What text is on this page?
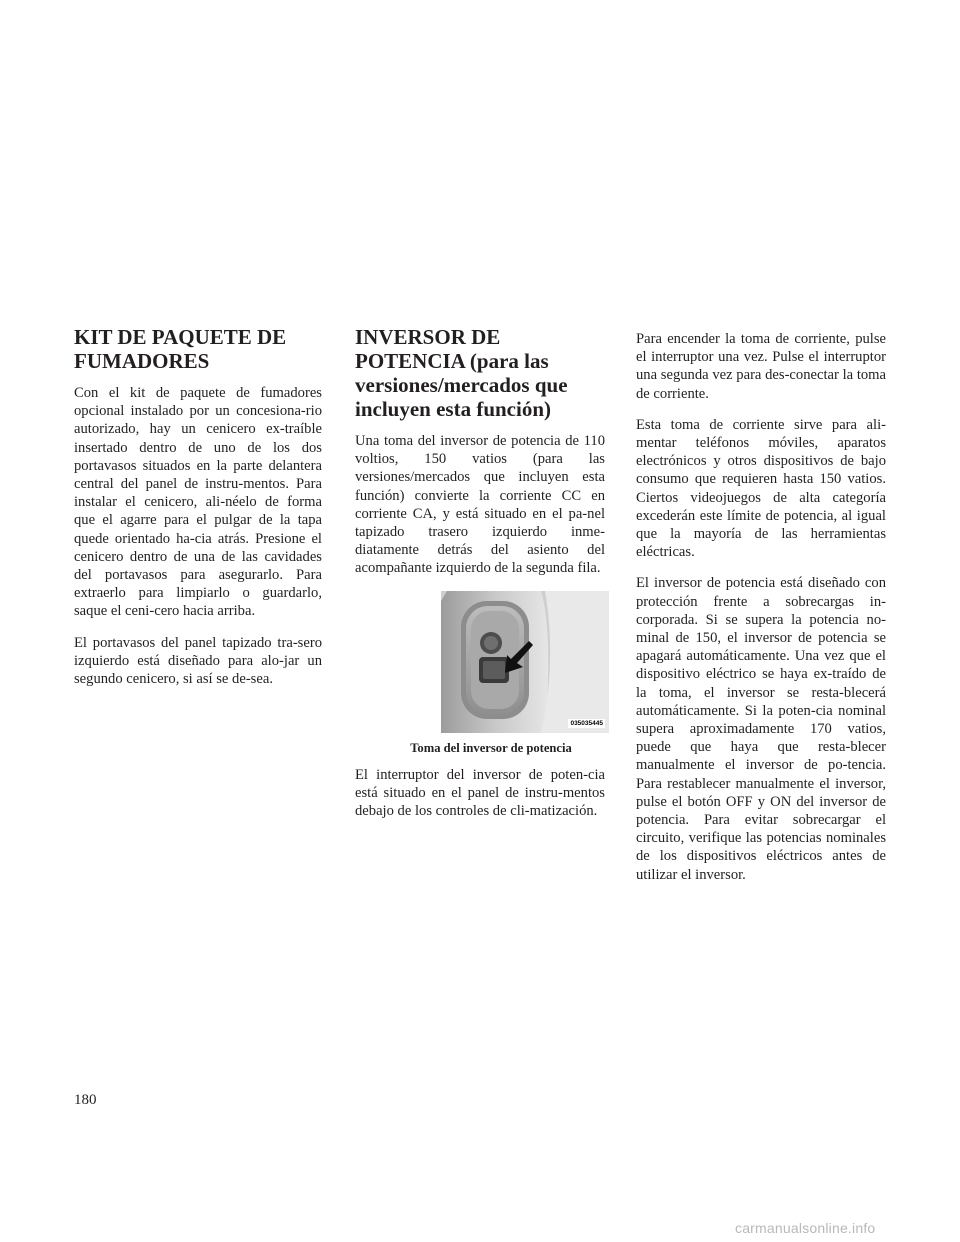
KIT DE PAQUETE DE FUMADORES

Con el kit de paquete de fumadores opcional instalado por un concesiona-rio autorizado, hay un cenicero ex-traíble insertado dentro de uno de los dos portavasos situados en la parte delantera central del panel de instru-mentos. Para instalar el cenicero, ali-néelo de forma que el agarre para el pulgar de la tapa quede orientado ha-cia atrás. Presione el cenicero dentro de una de las cavidades del portavasos para asegurarlo. Para extraerlo para limpiarlo o guardarlo, saque el ceni-cero hacia arriba.

El portavasos del panel tapizado tra-sero izquierdo está diseñado para alo-jar un segundo cenicero, si así se de-sea.

INVERSOR DE POTENCIA (para las versiones/mercados que incluyen esta función)

Una toma del inversor de potencia de 110 voltios, 150 vatios (para las versiones/mercados que incluyen esta función) convierte la corriente CC en corriente CA, y está situado en el pa-nel tapizado trasero izquierdo inme-diatamente detrás del asiento del acompañante izquierdo de la segunda fila.

035035445
Toma del inversor de potencia

El interruptor del inversor de poten-cia está situado en el panel de instru-mentos debajo de los controles de cli-matización.

Para encender la toma de corriente, pulse el interruptor una vez. Pulse el interruptor una segunda vez para des-conectar la toma de corriente.

Esta toma de corriente sirve para ali-mentar teléfonos móviles, aparatos electrónicos y otros dispositivos de bajo consumo que requieren hasta 150 vatios. Ciertos videojuegos de alta categoría excederán este límite de potencia, al igual que la mayoría de las herramientas eléctricas.

El inversor de potencia está diseñado con protección frente a sobrecargas in-corporada. Si se supera la potencia no-minal de 150, el inversor de potencia se apagará automáticamente. Una vez que el dispositivo eléctrico se haya ex-traído de la toma, el inversor se resta-blecerá automáticamente. Si la poten-cia nominal supera aproximadamente 170 vatios, puede que haya que resta-blecer manualmente el inversor de po-tencia. Para restablecer manualmente el inversor, pulse el botón OFF y ON del inversor de potencia. Para evitar sobrecargar el circuito, verifique las potencias nominales de los dispositivos eléctricos antes de utilizar el inversor.

180
carmanualsonline.info
